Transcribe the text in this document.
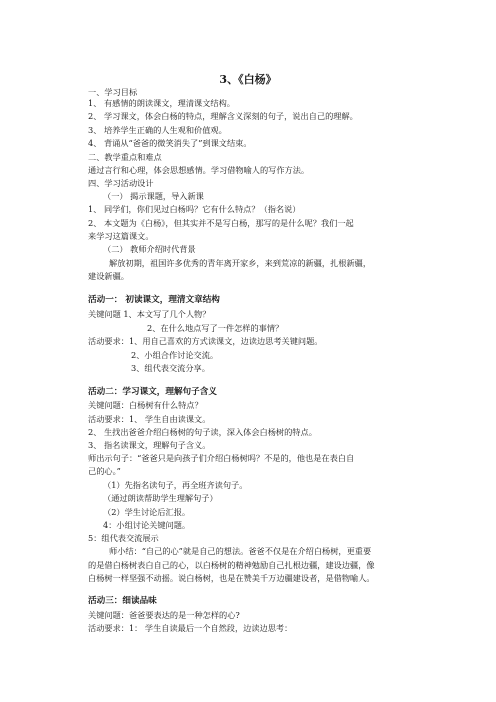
3、《白杨》
一、学习目标
1、 有感情的朗读课文，理清课文结构。
2、 学习课文，体会白杨的特点，理解含义深刻的句子，说出自己的理解。
3、 培养学生正确的人生观和价值观。
4、 背诵从“爸爸的微笑消失了”到课文结束。
二、教学重点和难点
通过言行和心理，体会思想感情。学习借物喻人的写作方法。
四、学习活动设计
（一） 揭示课题，导入新课
1、 同学们，你们见过白杨吗？它有什么特点？（指名说）
2、 本文题为《白杨》，但其实并不是写白杨，那写的是什么呢？我们一起
来学习这篇课文。
（二） 教师介绍时代背景
解放初期，祖国许多优秀的青年离开家乡，来到荒凉的新疆，扎根新疆，
建设新疆。
活动一： 初读课文，理清文章结构
关键问题 1、本文写了几个人物？
2、在什么地点写了一件怎样的事情？
活动要求：1、用自己喜欢的方式读课文，边读边思考关键问题。
2、小组合作讨论交流。
3、组代表交流分享。
活动二：学习课文，理解句子含义
关键问题：白杨树有什么特点？
活动要求：1、 学生自由读课文。
2、 生找出爸爸介绍白杨树的句子读，深入体会白杨树的特点。
3、 指名读课文，理解句子含义。
师出示句子：“爸爸只是向孩子们介绍白杨树吗？不是的，他也是在表白自
己的心。”
（1）先指名读句子，再全班齐读句子。
（通过朗读帮助学生理解句子）
（2）学生讨论后汇报。
4：小组讨论关键问题。
5：组代表交流展示
师小结：“自己的心”就是自己的想法。爸爸不仅是在介绍白杨树，更重要
的是借白杨树表白自己的心，以白杨树的精神勉励自己扎根边疆，建设边疆，像
白杨树一样坚强不动摇。说白杨树，也是在赞美千万边疆建设者，是借物喻人。
活动三：细读品味
关键问题：爸爸要表达的是一种怎样的心?
活动要求：1： 学生自读最后一个自然段，边读边思考：
